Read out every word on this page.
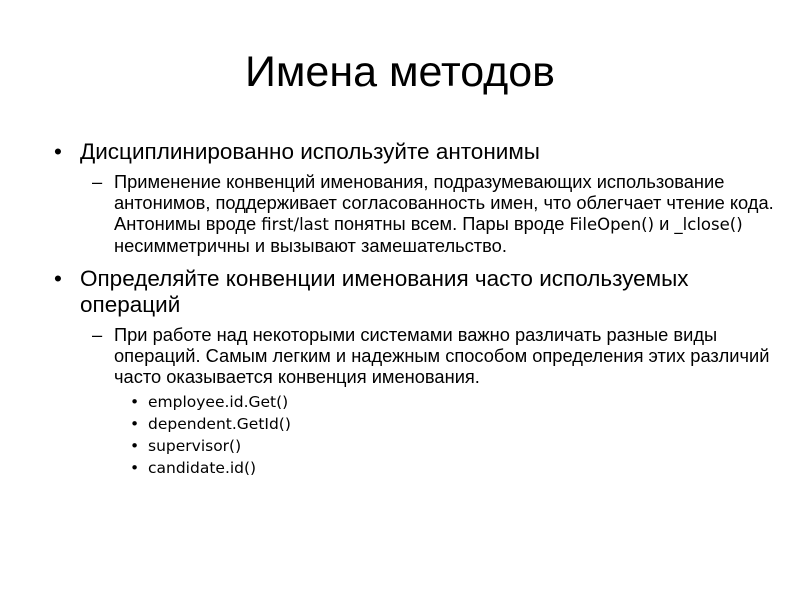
Имена методов
• Дисциплинированно используйте антонимы
– Применение конвенций именования, подразумевающих использование антонимов, поддерживает согласованность имен, что облегчает чтение кода. Антонимы вроде first/last понятны всем. Пары вроде FileOpen() и _lclose() несимметричны и вызывают замешательство.
• Определяйте конвенции именования часто используемых операций
– При работе над некоторыми системами важно различать разные виды операций. Самым легким и надежным способом определения этих различий часто оказывается конвенция именования.
• employee.id.Get()
• dependent.GetId()
• supervisor()
• candidate.id()
